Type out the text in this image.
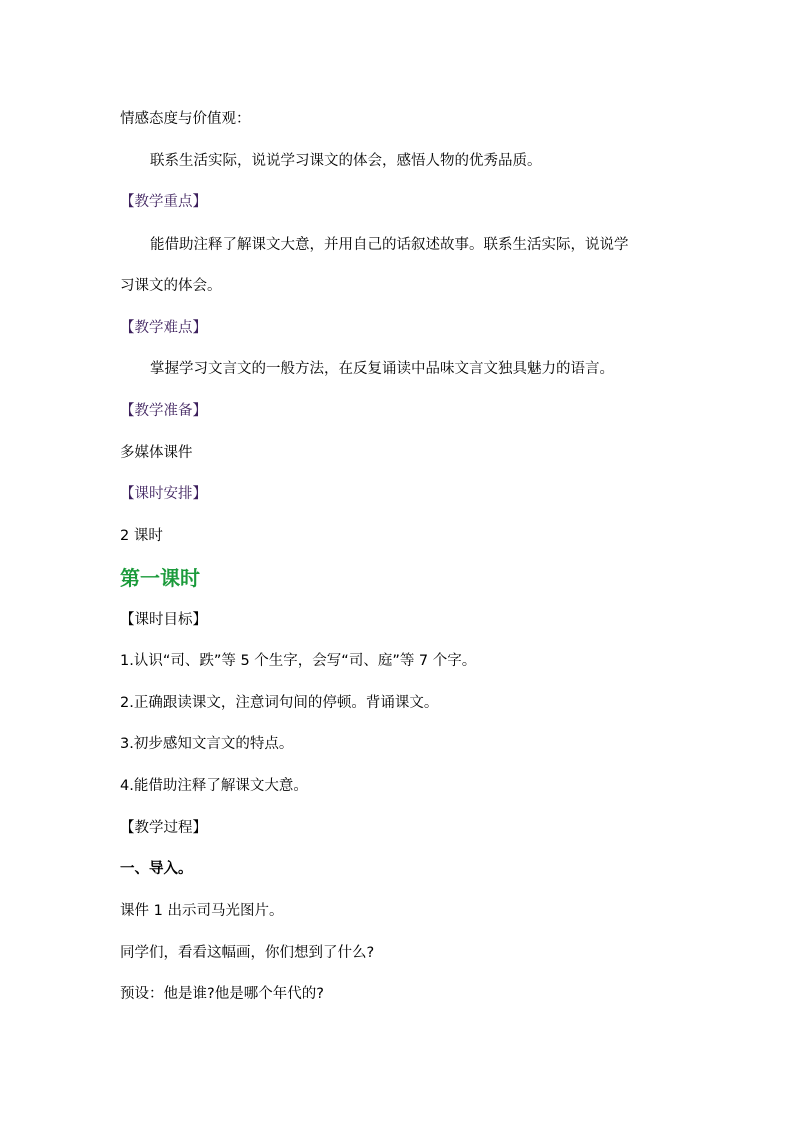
情感态度与价值观：
联系生活实际，说说学习课文的体会，感悟人物的优秀品质。
【教学重点】
能借助注释了解课文大意，并用自己的话叙述故事。联系生活实际，说说学
习课文的体会。
【教学难点】
掌握学习文言文的一般方法，在反复诵读中品味文言文独具魅力的语言。
【教学准备】
多媒体课件
【课时安排】
2 课时
第一课时
【课时目标】
1.认识“司、跌”等 5 个生字，会写“司、庭”等 7 个字。
2.正确跟读课文，注意词句间的停顿。背诵课文。
3.初步感知文言文的特点。
4.能借助注释了解课文大意。
【教学过程】
一、导入。
课件 1 出示司马光图片。
同学们，看看这幅画，你们想到了什么?
预设：他是谁?他是哪个年代的?
